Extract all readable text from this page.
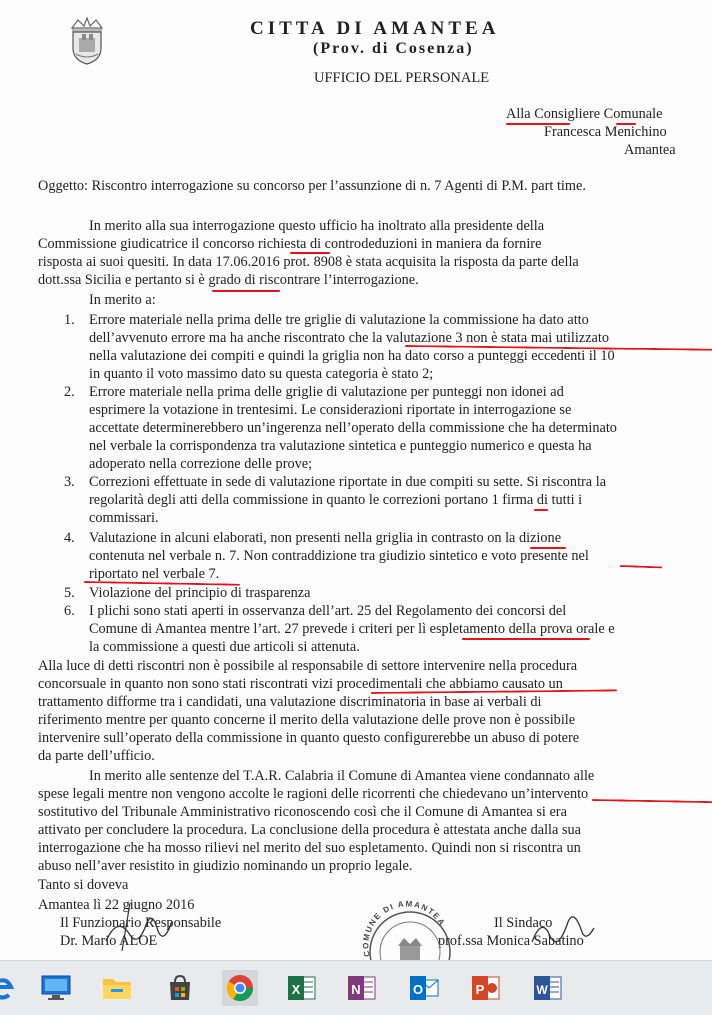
CITTA DI AMANTEA
(Prov. di Cosenza)
UFFICIO DEL PERSONALE
Alla Consigliere Comunale
Francesca Menichino
Amantea
Oggetto: Riscontro interrogazione su concorso per l’assunzione di n. 7 Agenti di P.M. part time.
In merito alla sua interrogazione questo ufficio ha inoltrato alla presidente della
Commissione giudicatrice il concorso richiesta di controdeduzioni in maniera da fornire
risposta ai suoi quesiti. In data 17.06.2016 prot. 8908 è stata acquisita la risposta da parte della
dott.ssa Sicilia e pertanto si è grado di riscontrare l’interrogazione.
In merito a:
1. Errore materiale nella prima delle tre griglie di valutazione la commissione ha dato atto
dell’avvenuto errore ma ha anche riscontrato che la valutazione 3 non è stata mai utilizzato
nella valutazione dei compiti e quindi la griglia non ha dato corso a punteggi eccedenti il 10
in quanto il voto massimo dato su questa categoria è stato 2;
2. Errore materiale nella prima delle griglie di valutazione per punteggi non idonei ad
esprimere la votazione in trentesimi. Le considerazioni riportate in interrogazione se
accettate determinerebbero un’ingerenza nell’operato della commissione che ha determinato
nel verbale la corrispondenza tra valutazione sintetica e punteggio numerico e questa ha
adoperato nella correzione delle prove;
3. Correzioni effettuate in sede di valutazione riportate in due compiti su sette. Si riscontra la
regolarità degli atti della commissione in quanto le correzioni portano 1 firma di tutti i
commissari.
4. Valutazione in alcuni elaborati, non presenti nella griglia in contrasto on la dizione
contenuta nel verbale n. 7. Non contraddizione tra giudizio sintetico e voto presente nel
riportato nel verbale 7.
5. Violazione del principio di trasparenza
6. I plichi sono stati aperti in osservanza dell’art. 25 del Regolamento dei concorsi del
Comune di Amantea mentre l’art. 27 prevede i criteri per lì espletamento della prova orale e
la commissione a questi due articoli si attenuta.
Alla luce di detti riscontri non è possibile al responsabile di settore intervenire nella procedura
concorsuale in quanto non sono stati riscontrati vizi procedimentali che abbiamo causato un
trattamento difforme tra i candidati, una valutazione discriminatoria in base ai verbali di
riferimento mentre per quanto concerne il merito della valutazione delle prove non è possibile
intervenire sull’operato della commissione in quanto questo configurerebbe un abuso di potere
da parte dell’ufficio.
In merito alle sentenze del T.A.R. Calabria il Comune di Amantea viene condannato alle
spese legali mentre non vengono accolte le ragioni delle ricorrenti che chiedevano un’intervento
sostitutivo del Tribunale Amministrativo riconoscendo così che il Comune di Amantea si era
attivato per concludere la procedura. La conclusione della procedura è attestata anche dalla sua
interrogazione che ha mosso rilievi nel merito del suo espletamento. Quindi non si riscontra un
abuso nell’aver resistito in giudizio nominando un proprio legale.
Tanto si doveva
Amantea lì 22 giugno 2016
Il Funzionario Responsabile
Dr. Mario ALOE
Il Sindaco
prof.ssa Monica Sabatino
COMUNE DI AMANTEA
X	N	O	P	W
